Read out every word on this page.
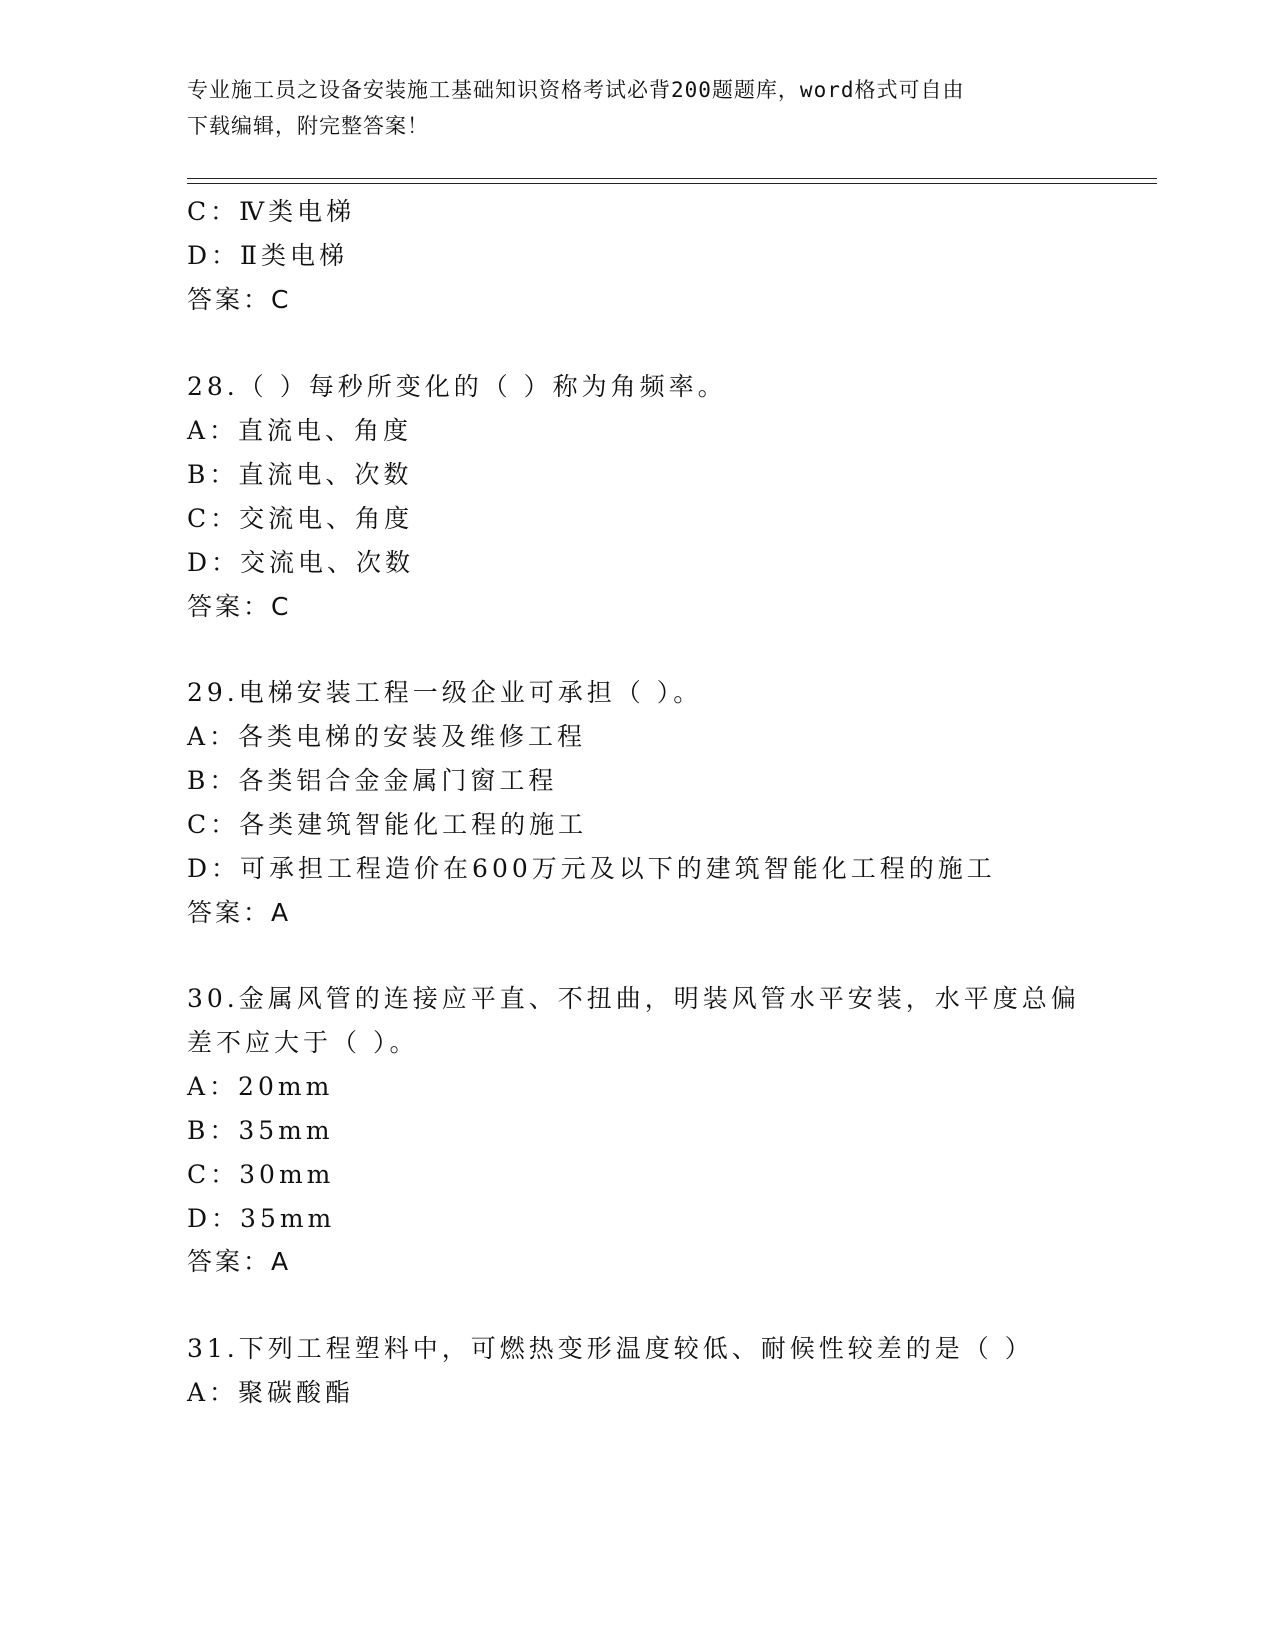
专业施工员之设备安装施工基础知识资格考试必背200题题库，word格式可自由
下载编辑，附完整答案！
C：Ⅳ类电梯
D：Ⅱ类电梯
答案：C
28.（ ）每秒所变化的（ ）称为角频率。
A：直流电、角度
B：直流电、次数
C：交流电、角度
D：交流电、次数
答案：C
29.电梯安装工程一级企业可承担（ ）。
A：各类电梯的安装及维修工程
B：各类铝合金金属门窗工程
C：各类建筑智能化工程的施工
D：可承担工程造价在600万元及以下的建筑智能化工程的施工
答案：A
30.金属风管的连接应平直、不扭曲，明装风管水平安装，水平度总偏
差不应大于（ ）。
A：20mm
B：35mm
C：30mm
D：35mm
答案：A
31.下列工程塑料中，可燃热变形温度较低、耐候性较差的是（ ）
A：聚碳酸酯
